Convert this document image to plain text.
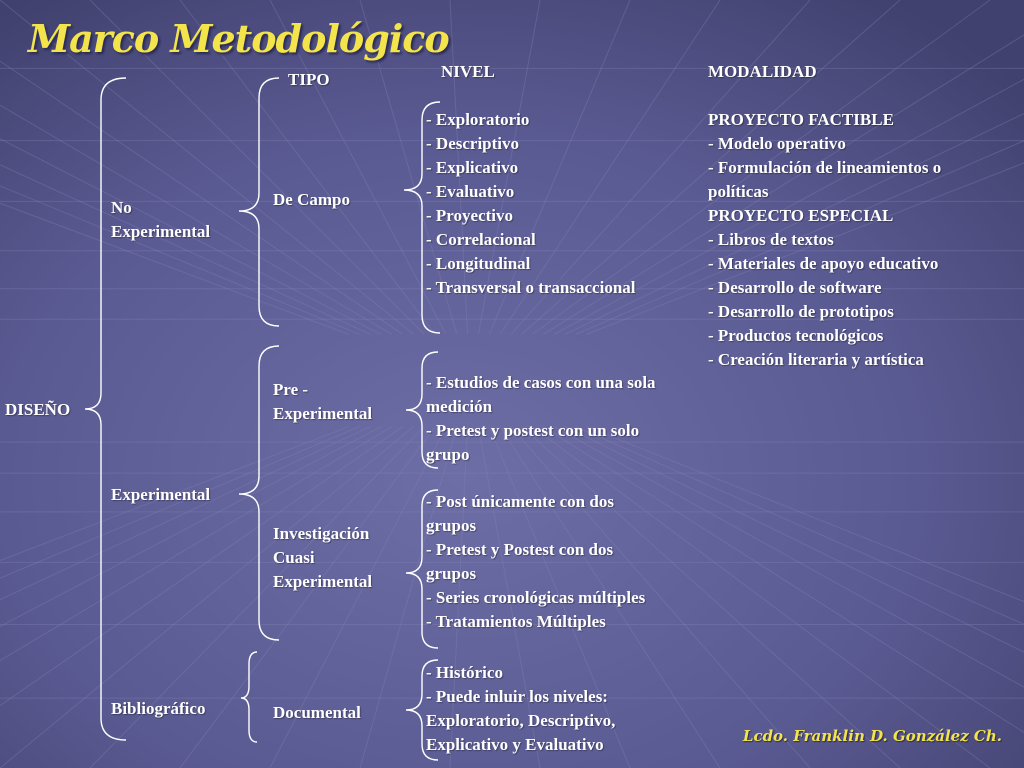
Marco Metodológico
TIPO	NIVEL	MODALIDAD
DISEÑO
No
Experimental
Experimental
Bibliográfico
De Campo
Pre -
Experimental
Investigación
Cuasi
Experimental
Documental
- Exploratorio
- Descriptivo
- Explicativo
- Evaluativo
- Proyectivo
- Correlacional
- Longitudinal
- Transversal o transaccional
- Estudios de casos con una sola
medición
- Pretest y postest con un solo
grupo
- Post únicamente con dos
grupos
- Pretest y Postest con dos
grupos
- Series cronológicas múltiples
- Tratamientos Múltiples
- Histórico
- Puede inluir los niveles:
Exploratorio, Descriptivo,
Explicativo y Evaluativo
PROYECTO FACTIBLE
- Modelo operativo
- Formulación de lineamientos o
políticas
PROYECTO ESPECIAL
- Libros de textos
- Materiales de apoyo educativo
- Desarrollo de software
- Desarrollo de prototipos
- Productos tecnológicos
- Creación literaria y artística
Lcdo. Franklin D. González Ch.
